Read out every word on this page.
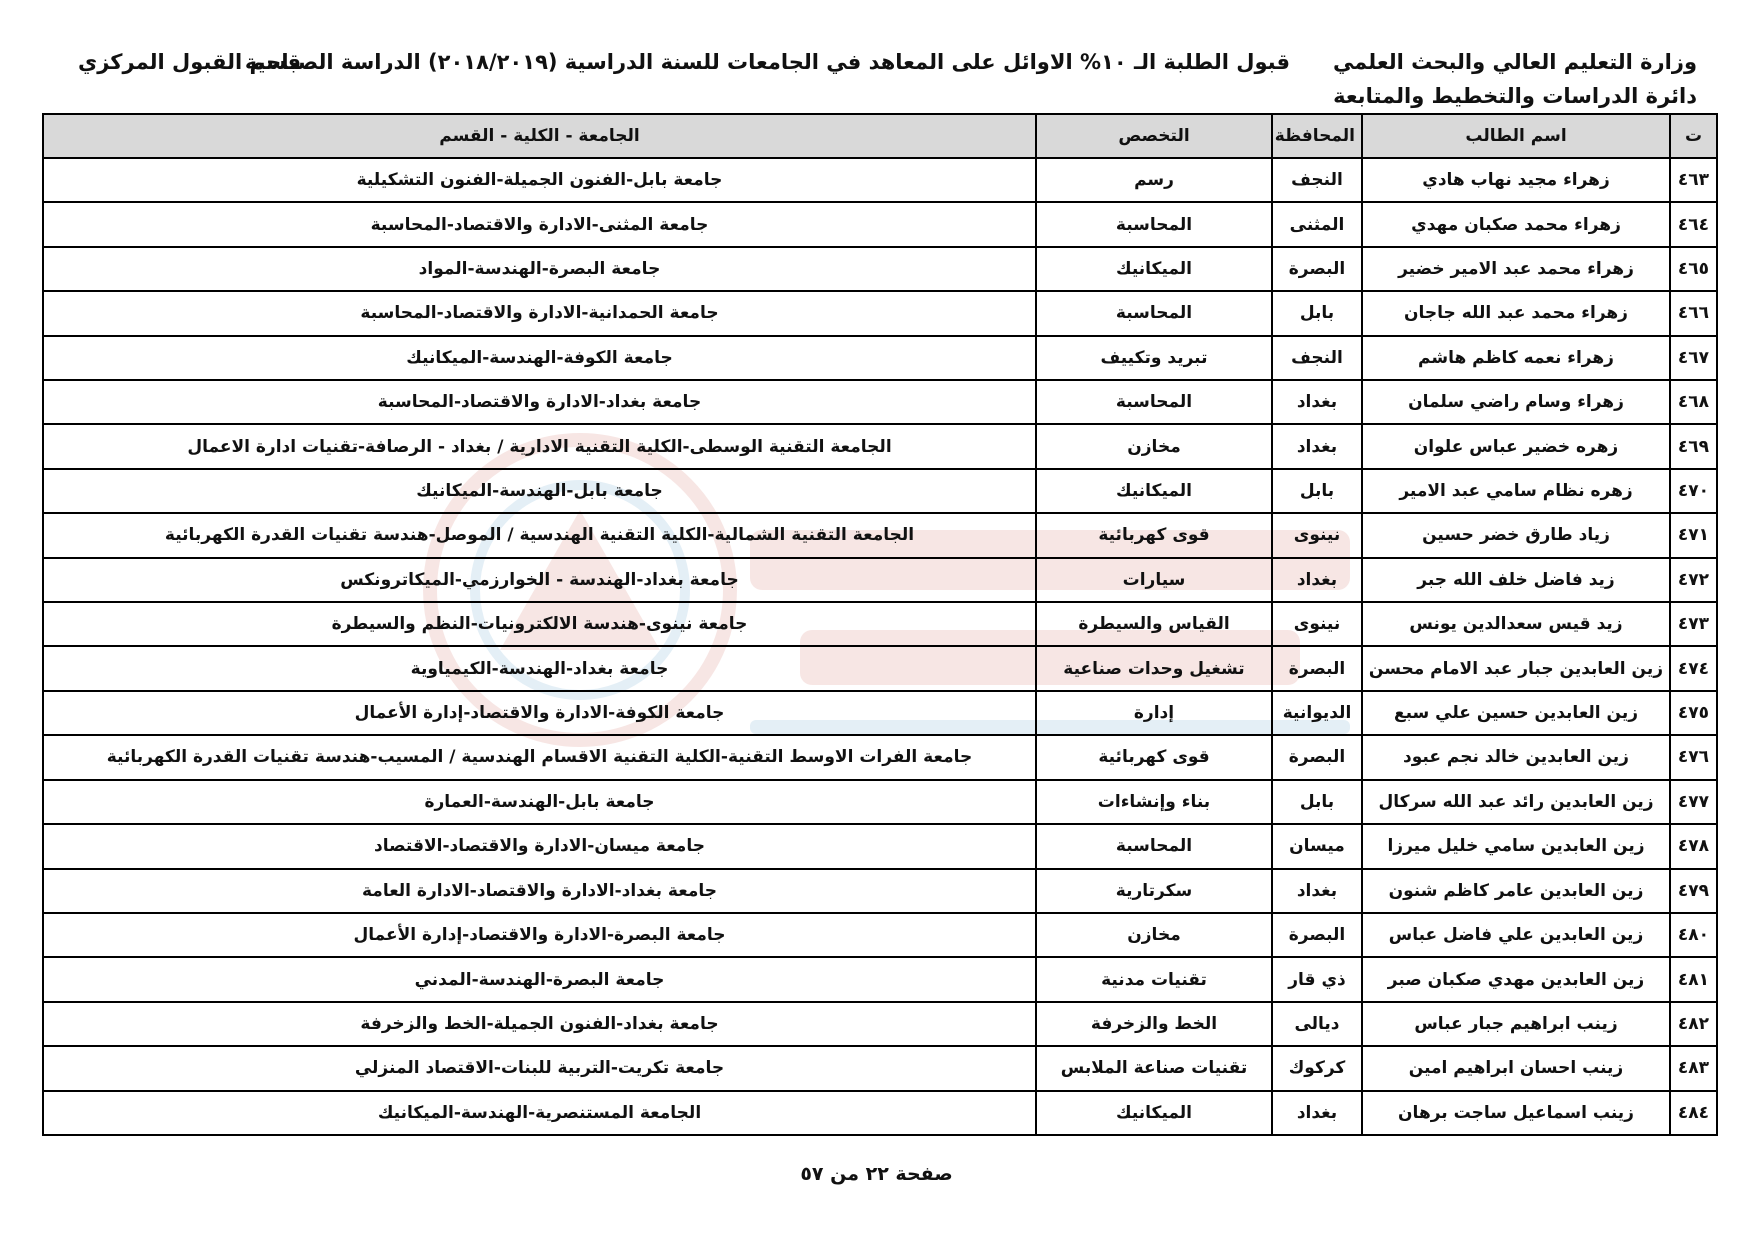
وزارة التعليم العالي والبحث العلمي
دائرة الدراسات والتخطيط والمتابعة
قبول الطلبة الـ ١٠% الاوائل على المعاهد في الجامعات للسنة الدراسية (٢٠١٨/٢٠١٩) الدراسة الصباحية
قسم القبول المركزي
ت	اسم الطالب	المحافظة	التخصص	الجامعة - الكلية - القسم
٤٦٣	زهراء مجيد نهاب هادي	النجف	رسم	جامعة بابل-الفنون الجميلة-الفنون التشكيلية
٤٦٤	زهراء محمد صكبان مهدي	المثنى	المحاسبة	جامعة المثنى-الادارة والاقتصاد-المحاسبة
٤٦٥	زهراء محمد عبد الامير خضير	البصرة	الميكانيك	جامعة البصرة-الهندسة-المواد
٤٦٦	زهراء محمد عبد الله جاجان	بابل	المحاسبة	جامعة الحمدانية-الادارة والاقتصاد-المحاسبة
٤٦٧	زهراء نعمه كاظم هاشم	النجف	تبريد وتكييف	جامعة الكوفة-الهندسة-الميكانيك
٤٦٨	زهراء وسام راضي سلمان	بغداد	المحاسبة	جامعة بغداد-الادارة والاقتصاد-المحاسبة
٤٦٩	زهره خضير عباس علوان	بغداد	مخازن	الجامعة التقنية الوسطى-الكلية التقنية الادارية / بغداد - الرصافة-تقنيات ادارة الاعمال
٤٧٠	زهره نظام سامي عبد الامير	بابل	الميكانيك	جامعة بابل-الهندسة-الميكانيك
٤٧١	زياد طارق خضر حسين	نينوى	قوى كهربائية	الجامعة التقنية الشمالية-الكلية التقنية الهندسية / الموصل-هندسة تقنيات القدرة الكهربائية
٤٧٢	زيد فاضل خلف الله جبر	بغداد	سيارات	جامعة بغداد-الهندسة - الخوارزمي-الميكاترونكس
٤٧٣	زيد قيس سعدالدين يونس	نينوى	القياس والسيطرة	جامعة نينوى-هندسة الالكترونيات-النظم والسيطرة
٤٧٤	زين العابدين جبار عبد الامام محسن	البصرة	تشغيل وحدات صناعية	جامعة بغداد-الهندسة-الكيمياوية
٤٧٥	زين العابدين حسين علي سبع	الديوانية	إدارة	جامعة الكوفة-الادارة والاقتصاد-إدارة الأعمال
٤٧٦	زين العابدين خالد نجم عبود	البصرة	قوى كهربائية	جامعة الفرات الاوسط التقنية-الكلية التقنية الاقسام الهندسية / المسيب-هندسة تقنيات القدرة الكهربائية
٤٧٧	زين العابدين رائد عبد الله سركال	بابل	بناء وإنشاءات	جامعة بابل-الهندسة-العمارة
٤٧٨	زين العابدين سامي خليل ميرزا	ميسان	المحاسبة	جامعة ميسان-الادارة والاقتصاد-الاقتصاد
٤٧٩	زين العابدين عامر كاظم شنون	بغداد	سكرتارية	جامعة بغداد-الادارة والاقتصاد-الادارة العامة
٤٨٠	زين العابدين علي فاضل عباس	البصرة	مخازن	جامعة البصرة-الادارة والاقتصاد-إدارة الأعمال
٤٨١	زين العابدين مهدي صكبان صبر	ذي قار	تقنيات مدنية	جامعة البصرة-الهندسة-المدني
٤٨٢	زينب ابراهيم جبار عباس	ديالى	الخط والزخرفة	جامعة بغداد-الفنون الجميلة-الخط والزخرفة
٤٨٣	زينب احسان ابراهيم امين	كركوك	تقنيات صناعة الملابس	جامعة تكريت-التربية للبنات-الاقتصاد المنزلي
٤٨٤	زينب اسماعيل ساجت برهان	بغداد	الميكانيك	الجامعة المستنصرية-الهندسة-الميكانيك
صفحة ٢٢ من ٥٧
